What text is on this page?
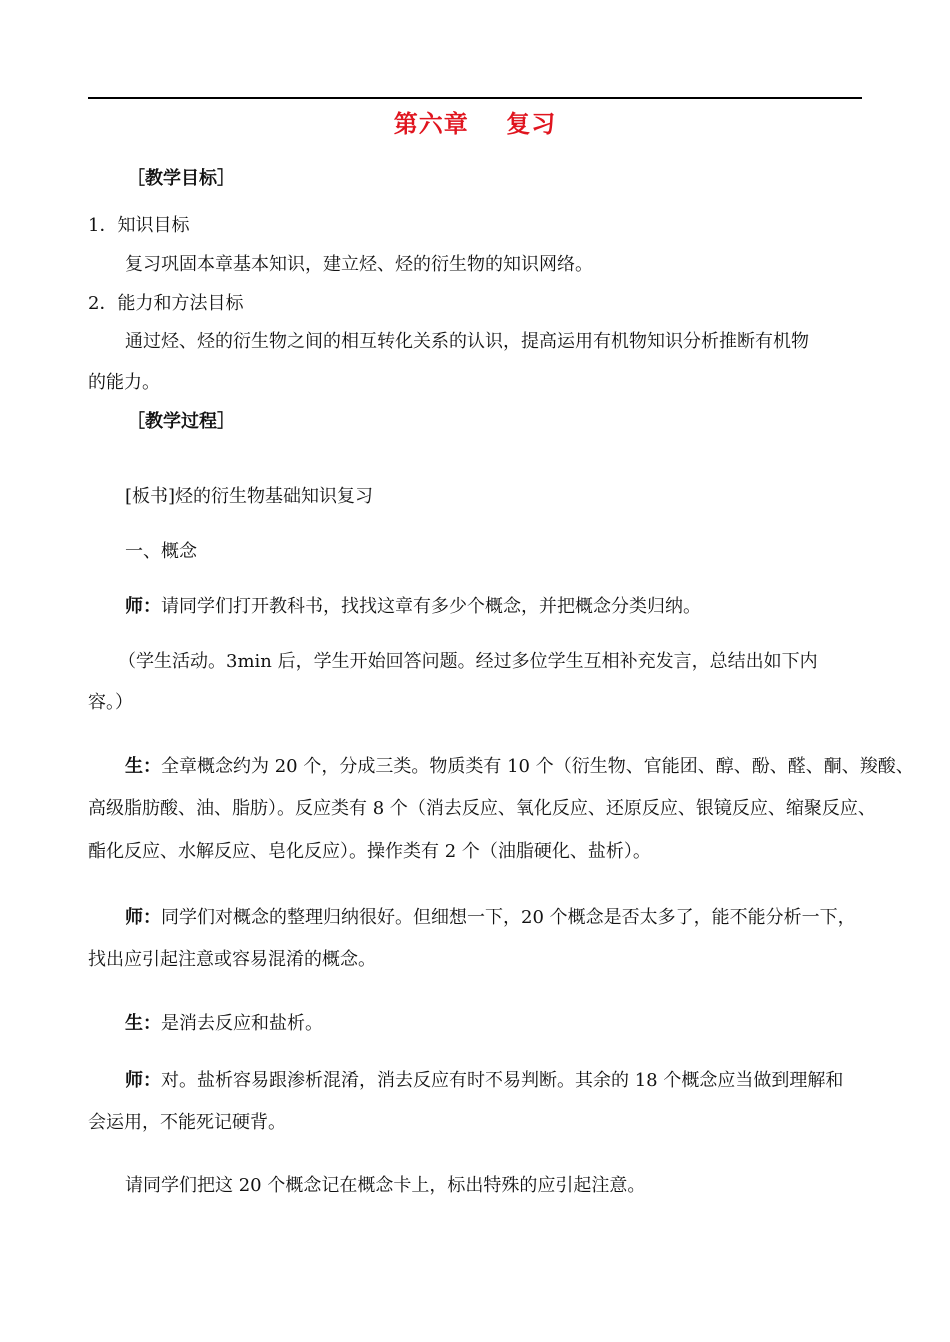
第六章    复习
［教学目标］
1．知识目标
复习巩固本章基本知识，建立烃、烃的衍生物的知识网络。
2．能力和方法目标
通过烃、烃的衍生物之间的相互转化关系的认识，提高运用有机物知识分析推断有机物
的能力。
［教学过程］
[板书]烃的衍生物基础知识复习
一、概念
师：请同学们打开教科书，找找这章有多少个概念，并把概念分类归纳。
（学生活动。3min 后，学生开始回答问题。经过多位学生互相补充发言，总结出如下内
容。）
生：全章概念约为 20 个，分成三类。物质类有 10 个（衍生物、官能团、醇、酚、醛、酮、羧酸、
高级脂肪酸、油、脂肪）。反应类有 8 个（消去反应、氧化反应、还原反应、银镜反应、缩聚反应、
酯化反应、水解反应、皂化反应）。操作类有 2 个（油脂硬化、盐析）。
师：同学们对概念的整理归纳很好。但细想一下，20 个概念是否太多了，能不能分析一下，
找出应引起注意或容易混淆的概念。
生：是消去反应和盐析。
师：对。盐析容易跟渗析混淆，消去反应有时不易判断。其余的 18 个概念应当做到理解和
会运用，不能死记硬背。
请同学们把这 20 个概念记在概念卡上，标出特殊的应引起注意。
